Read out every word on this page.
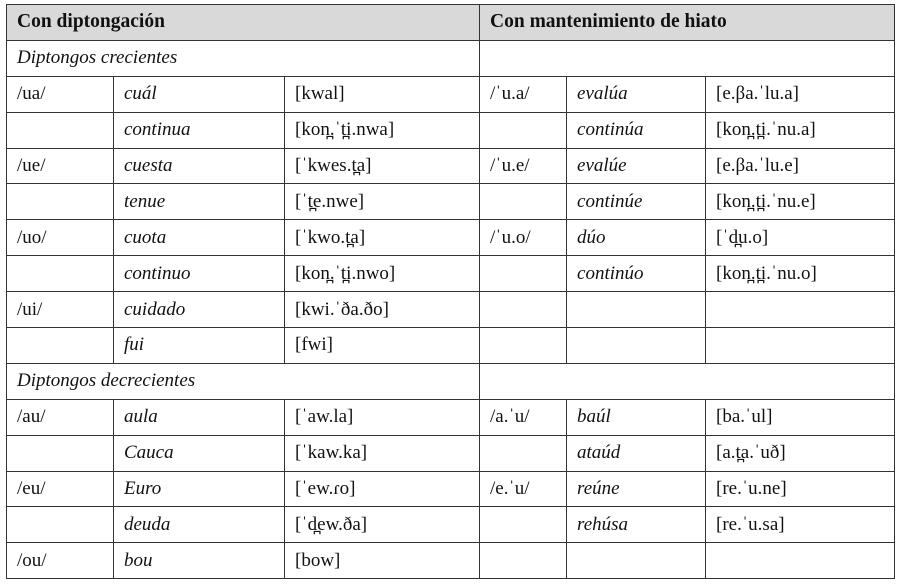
Con diptongación			Con mantenimiento de hiato		
Diptongos crecientes					
/ua/	cuál	[kwal]	/ˈu.a/	evalúa	[e.βa.ˈlu.a]
	continua	[kon̪.ˈt̪i.nwa]		continúa	[kon̪.t̪i.ˈnu.a]
/ue/	cuesta	[ˈkwes.t̪a]	/ˈu.e/	evalúe	[e.βa.ˈlu.e]
	tenue	[ˈt̪e.nwe]		continúe	[kon̪.t̪i.ˈnu.e]
/uo/	cuota	[ˈkwo.t̪a]	/ˈu.o/	dúo	[ˈd̪u.o]
	continuo	[kon̪.ˈt̪i.nwo]		continúo	[kon̪.t̪i.ˈnu.o]
/ui/	cuidado	[kwi.ˈða.ðo]			
	fui	[fwi]			
Diptongos decrecientes					
/au/	aula	[ˈaw.la]	/a.ˈu/	baúl	[ba.ˈul]
	Cauca	[ˈkaw.ka]		ataúd	[a.t̪a.ˈuð]
/eu/	Euro	[ˈew.ɾo]	/e.ˈu/	reúne	[re.ˈu.ne]
	deuda	[ˈd̪ew.ða]		rehúsa	[re.ˈu.sa]
/ou/	bou	[bow]			
